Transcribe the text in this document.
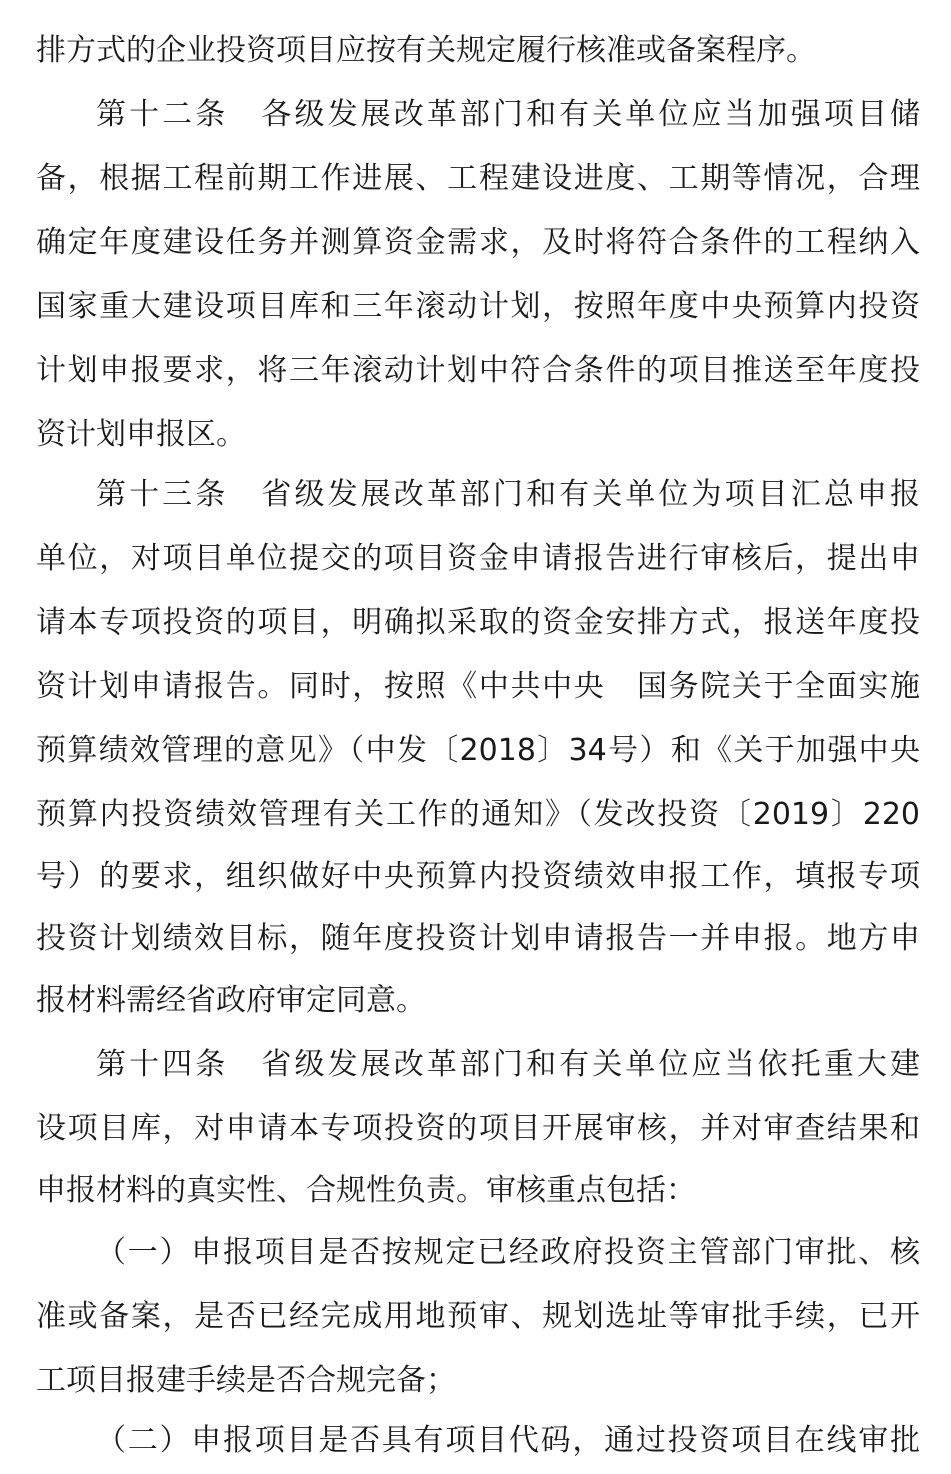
排方式的企业投资项目应按有关规定履行核准或备案程序。
第十二条 各级发展改革部门和有关单位应当加强项目储
备，根据工程前期工作进展、工程建设进度、工期等情况，合理
确定年度建设任务并测算资金需求，及时将符合条件的工程纳入
国家重大建设项目库和三年滚动计划，按照年度中央预算内投资
计划申报要求，将三年滚动计划中符合条件的项目推送至年度投
资计划申报区。
第十三条 省级发展改革部门和有关单位为项目汇总申报
单位，对项目单位提交的项目资金申请报告进行审核后，提出申
请本专项投资的项目，明确拟采取的资金安排方式，报送年度投
资计划申请报告。同时，按照《中共中央　国务院关于全面实施
预算绩效管理的意见》（中发〔2018〕34号）和《关于加强中央
预算内投资绩效管理有关工作的通知》（发改投资〔2019〕220
号）的要求，组织做好中央预算内投资绩效申报工作，填报专项
投资计划绩效目标，随年度投资计划申请报告一并申报。地方申
报材料需经省政府审定同意。
第十四条 省级发展改革部门和有关单位应当依托重大建
设项目库，对申请本专项投资的项目开展审核，并对审查结果和
申报材料的真实性、合规性负责。审核重点包括：
（一）申报项目是否按规定已经政府投资主管部门审批、核
准或备案，是否已经完成用地预审、规划选址等审批手续，已开
工项目报建手续是否合规完备；
（二）申报项目是否具有项目代码，通过投资项目在线审批
